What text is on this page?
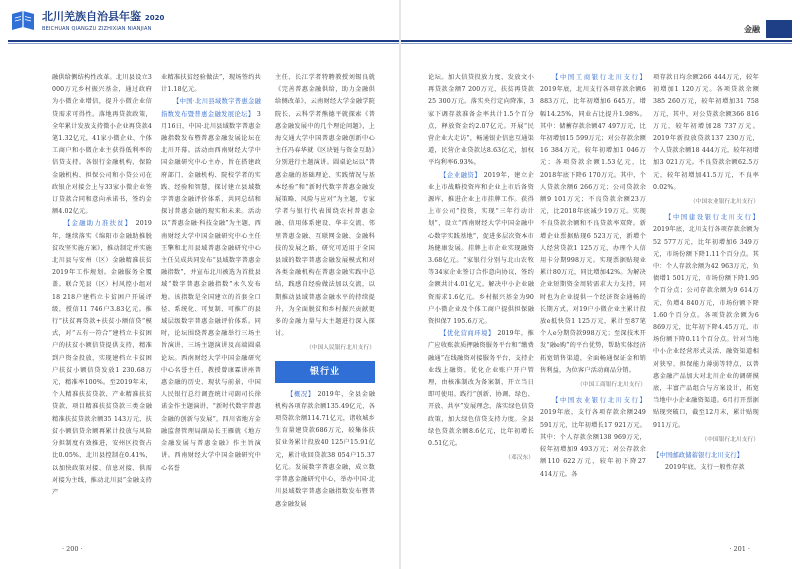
北川羌族自治县年鉴 2020
BEICHUAN QIANGZU ZIZHIXIAN NIANJIAN	金融

融供给侧结构性改革。北川县设立3 000万元乡村振兴基金，通过政府为小微企业增信，提升小微企业信贷需求可得性。落地再贷款政策，全年累计发放支持微小企业再贷款4笔1.32亿元，41家小微企业、个体工商户和小微企业主获得低利率的信贷支持。各银行金融机构、保险金融机构、担保公司和小贷公司在政银企对接会上与33家小微企业签订贷款合同和意向承诺书，签约金额4.02亿元。

【金融助力准扶贫】 2019年，继续落实《绵阳市金融助推脱贫攻坚实施方案》，推动制定并实施北川县与安州（区）金融精准扶贫2019年工作规划。金融服务全覆盖。联合羌县（区）村风控小组对18 218户建档立卡贫困户开展评级，授信11 746户3.83亿元。推行“扶贫再贷款+扶贫小额信贷”模式，对“五有一符合”建档立卡贫困户的扶贫小额信贷提供支持，精准到户资金投放，实现建档立卡贫困户扶贫小额信贷发放1 230.68万元，精准率100%。至2019年末，个人精准扶贫贷款、产业精准扶贫贷款、项目精准扶贫贷款三类金融精准扶贫贷款余额35 143万元，扶贫小额信贷余额再累计投放与风险分担制度有效推进，安州区投资占比0.05%，北川县控制在0.41%，以加快政策对接、信息对接、供需对接为主线，推动北川县“金融支持产

业精准扶贫经验做法”，现场签约共计1.18亿元。

【中国·北川县域数字普惠金融指数发布暨普惠金融发展论坛】 3月16日，中国·北川县域数字普惠金融指数发布暨普惠金融发展论坛在北川开幕。活动由西南财经大学中国金融研究中心主办，旨在搭建政府部门、金融机构、院校学者的实践、经验和智慧，探讨建立县域数字普惠金融评价体系，共同总结和探讨普惠金融的现实和未来。活动以“普惠金融·科技金融”为主题，西南财经大学中国金融研究中心主任王擎和北川县域普惠金融研究中心主任吴成共同发布“县域数字普惠金融指数”，并宣布北川被选为首批县域“数字普惠金融指数”永久发布地。该指数是全国建立的首套全口径、系统化、可复制、可推广的县域层级数字普惠金融评价体系。同时，论坛围绕普惠金融举行三场主旨演讲、三场主题演讲及高端圆桌论坛。西南财经大学中国金融研究中心名誉主任、教授曾康霖讲座普惠金融的历史、现状与前景，中国人民银行总行调查统计司副司长徐诺金作主题演讲，“新时代数字普惠金融的创新与发展”，四川省地方金融监督管理局副局长王雁就《地方金融发展与普惠金融》作主旨演讲。西南财经大学中国金融研究中心名誉

主任、长江学者特聘教授刘锡良就《完善普惠金融供给，助力金融供给侧改革》，云南财经大学金融学院院长、云科学者熊德平就探索《普惠金融发展中的几个理论问题》，上海交通大学中国普惠金融创新中心主任冯春华就《区块链与资金互助》分别进行主题演讲。圆桌论坛以“普惠金融的基础理论、实践情况与基本经验”和“新时代数字普惠金融发展策略、风险与应对”为主题，专家学者与银行代表围绕农村普惠金融、信用体系建设、华丰交流、邻里普惠金融、互联网金融、金融科技的发展之路，研究可适用于全国县域的数字普惠金融发展模式和对各类金融机构在普惠金融实践中总结，践感自经验做法加以交流，以期推动县域普惠金融水平的持续提升，为全面脱贫和乡村振兴贡献更多的金融力量与大主题进行深入探讨。

（中国人民银行北川支行）

银行业

【概况】 2019年，全县金融机构各项存款余额135.49亿元，各项贷款余额114.71亿元，诸收城乡生育量建贷款686万元，较集体扶贫业务累计投放40 125户15.91亿元，累计收回贷款38 054户15.37亿元。发展数字普惠金融，成立数字普惠金融研究中心，举办中国·北川县域数字普惠金融指数发布暨普惠金融发展

论坛。加大信贷投放力度，发放文小再贷款金额7 200万元，扶贫再贷款25 300万元。落实央行定向降准，3家下调存款准备金率共计1.5个百分点，释放资金约2.07亿元。开展“民营企业大走访”，畅通银企信息互通渠道，民营企业贷款达8.63亿元，加权平均利率6.93%。

【企业融资】 2019年，建立企业上市战略投资库和企业上市后备资源库，推进企业上市挂牌工作。获得上市公司”投资，实现“三年行动计划”，设立“西南财经大学中国金融中心数字实践基地”，促进多层次资本市场健康发展。挂牌上市企业实现融资3.68亿元。“家银行分别与北山农牧等34家企业签订合作意向协议，签约金额共计4.01亿元。解决中小企业融资需求1.6亿元。乡村振兴基金为90户小微企业及个体工商户提供担保融资担保7 195.6万元。

【优化营商环境】 2019年，推广应收账款质押融资服务平台和“缴费融通”在线融资对接服务平台，支持企业线上融资。优化企业账户开户管理，由核准制改为备案制，开立当日即可使用。践行“创新、协调、绿色、开放、共享”发展理念，落实绿色信贷政策，加大绿色信贷支持力度。全县绿色贷款余额8.6亿元，比年初增长0.51亿元。

（邓汉东）

【中国工商银行北川支行】 2019年底，北川支行各项存款余额6 883万元，比年初增加6 645万，增幅14.25%，同业占比提升1.98%。其中：储蓄存款余额47 497万元，比年初增加15 599万元；对公存款余额16 384万元，较年初增加1 046万元；各项贷款余额1.53亿元，比2018年底下降6 170万元。其中，个人贷款余额6 266万元；公司贷款余额9 101万元；不良贷款余额23万元，比2018年底减少19万元。实现不良贷款余额和不良贷款率双降。新增企业票据贴现6 523万元，新增个人经营贷款1 125万元，办理个人信用卡分期998万元。实现票据贴现业累计80万元，同比增加42%。为解决企业短期资金周转需求大力支持，同时也为企业提供一个经济资金通畅的长期方式，对19户小微企业主累计投放e抵快贷1 125万元，累计至87笔个人e分期贷款998万元；至深技术开发“融e购”的平台优势，帮助实体经济拓宽销售渠道，全面畅通保证金和销售利益，为位客户活动商品分销。

（中国工商银行北川支行）

【中国农业银行北川支行】 2019年底，支行各项存款余额249 591万元，比年初增长17 921万元。其中：个人存款余额138 969万元，较年初增加9 493万元；对公存款余额110 622万元，较年初下降27 414万元。各

项存款日均余额266 444万元，较年初增加1 120万元。各项贷款余额385 260万元，较年初增加31 758万元，其中，对公贷款余额366 816万元，较年初增加28 737万元。2019年新投放贷款137 230万元，个人贷款余额18 444万元，较年初增加3 021万元。不良贷款余额62.5万元，较年初增加41.5万元，不良率0.02%。

（中国农业银行北川支行）

【中国建设银行北川支行】 2019年底，北川支行各项存款余额为52 577万元，比年初增加6 349万元，市场份额下降1.11个百分点。其中：个人存款余额为42 963万元，负债增1 501万元，市场份额下降1.95个百分点；公司存款余额为9 614万元，负增4 840万元，市场份额下降1.60个百分点。各项贷款余额为6 869万元，比年初下降4.45万元，市场份额下降0.11个百分点。针对当地中小企业经营形式灵活、融资渠道相对狭窄、担保能力薄弱等特点，以普惠金融产品加大对北川企业的调研摸底，丰富产品组合与方案设计，拓宽当地中小企业融资渠道。6月打开票据贴现突破口，截至12月末，累计贴现911万元。

（中国银行北川支行）

【中国邮政储蓄银行北川支行】

2019年底，支行一般性存款

· 200 ·	· 201 ·
